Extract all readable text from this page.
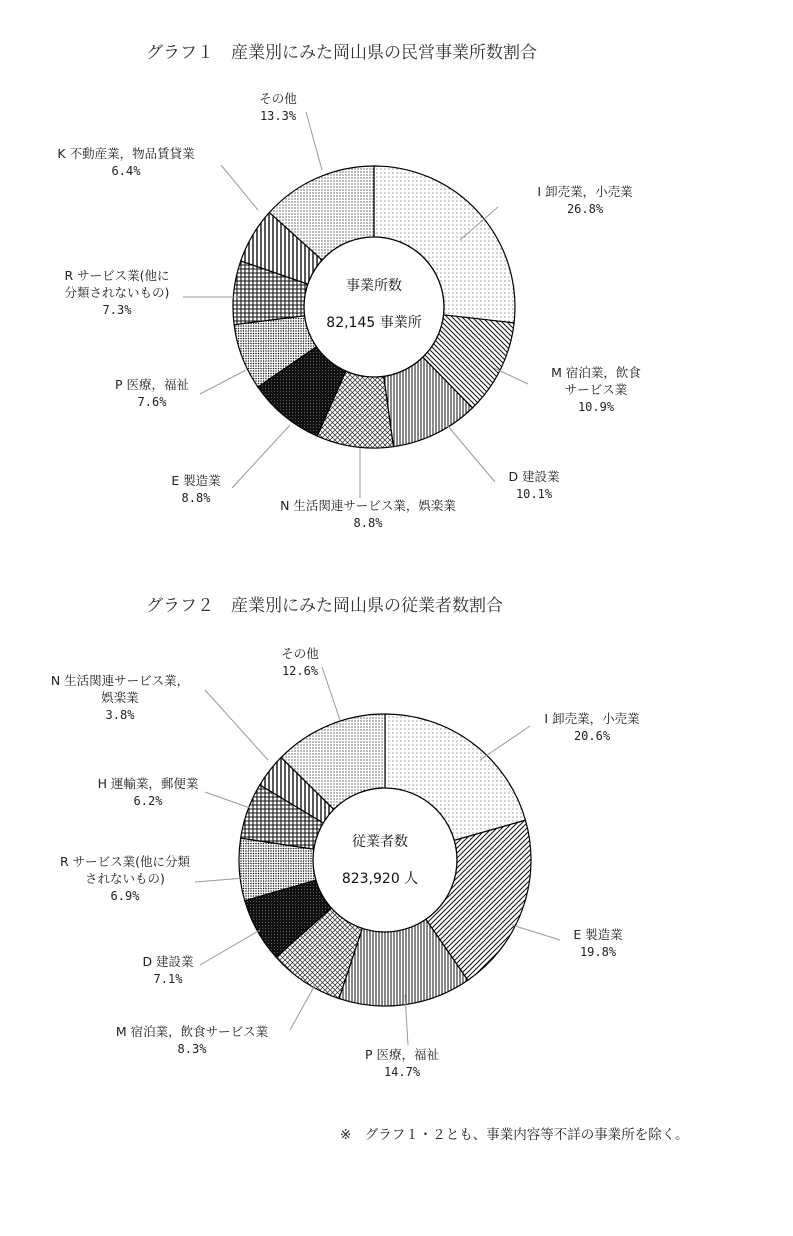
グラフ１　産業別にみた岡山県の民営事業所数割合
事業所数
82,145 事業所
I 卸売業，小売業
26.8%
M 宿泊業，飲食
サービス業
10.9%
D 建設業
10.1%
N 生活関連サービス業，娯楽業
8.8%
E 製造業
8.8%
P 医療，福祉
7.6%
R サービス業(他に
分類されないもの)
7.3%
K 不動産業，物品賃貸業
6.4%
その他
13.3%
グラフ２　産業別にみた岡山県の従業者数割合
従業者数
823,920 人
I 卸売業，小売業
20.6%
E 製造業
19.8%
P 医療，福祉
14.7%
M 宿泊業，飲食サービス業
8.3%
D 建設業
7.1%
R サービス業(他に分類
されないもの)
6.9%
H 運輸業，郵便業
6.2%
N 生活関連サービス業，
娯楽業
3.8%
その他
12.6%
※　グラフ１・２とも、事業内容等不詳の事業所を除く。
